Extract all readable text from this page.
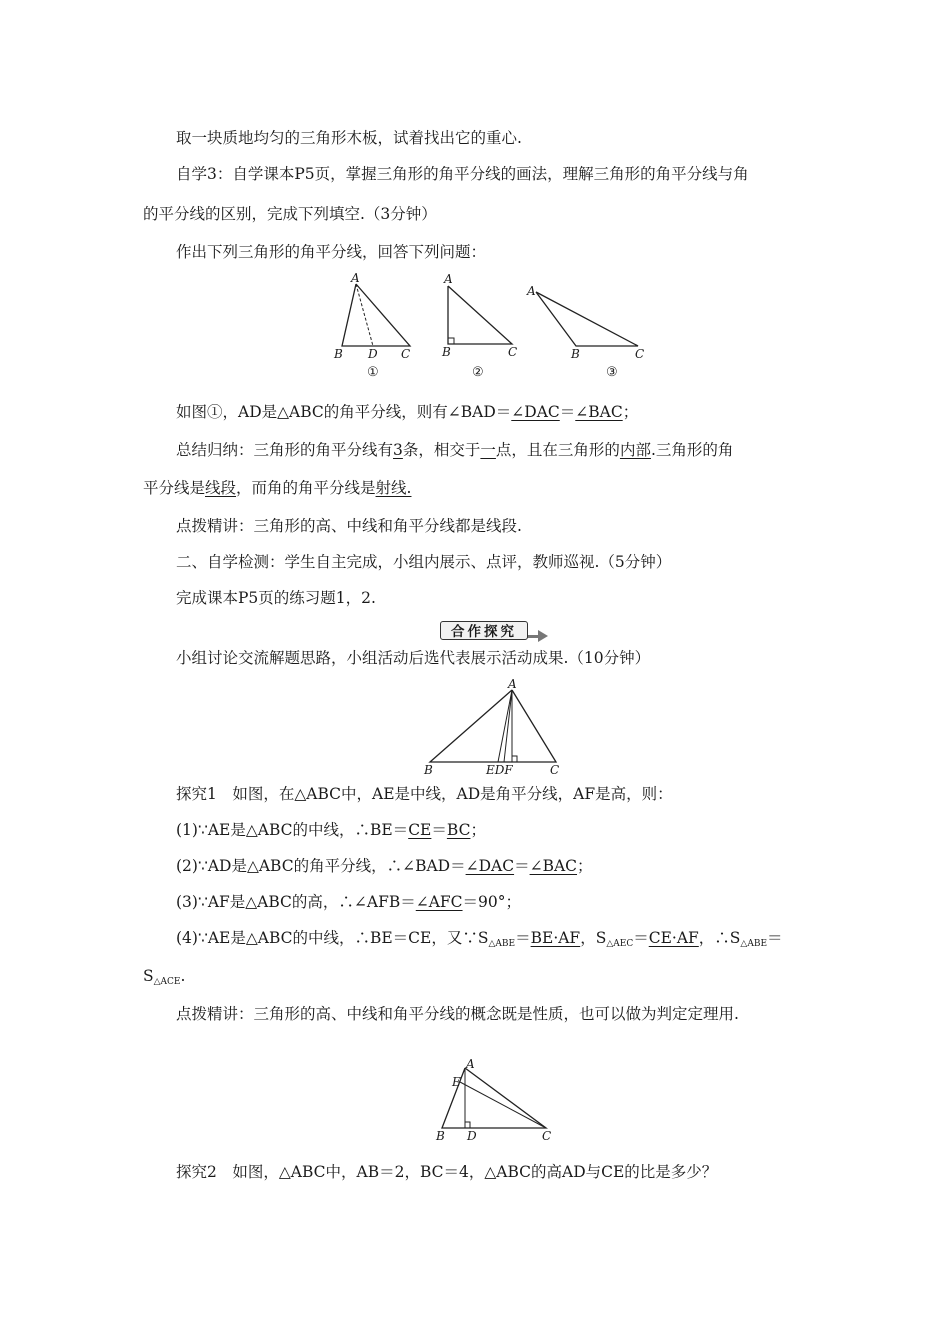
取一块质地均匀的三角形木板，试着找出它的重心.
自学3：自学课本P5页，掌握三角形的角平分线的画法，理解三角形的角平分线与角
的平分线的区别，完成下列填空.（3分钟）
作出下列三角形的角平分线，回答下列问题：
A
B D C
①
A
B	C
②
A
B	C
③
如图①，AD是△ABC的角平分线，则有∠BAD＝∠DAC＝∠BAC；
总结归纳：三角形的角平分线有3条，相交于一点，且在三角形的内部.三角形的角
平分线是线段，而角的角平分线是射线.
点拨精讲：三角形的高、中线和角平分线都是线段.
二、自学检测：学生自主完成，小组内展示、点评，教师巡视.（5分钟）
完成课本P5页的练习题1，2.
合作探究
小组讨论交流解题思路，小组活动后选代表展示活动成果.（10分钟）
A
B	EDF	C
探究1　如图，在△ABC中，AE是中线，AD是角平分线，AF是高，则：
(1)∵AE是△ABC的中线，∴BE＝CE＝BC；
(2)∵AD是△ABC的角平分线，∴∠BAD＝∠DAC＝∠BAC；
(3)∵AF是△ABC的高，∴∠AFB＝∠AFC＝90°；
(4)∵AE是△ABC的中线，∴BE＝CE，又$\because S_{\triangle ABE}=BE\cdot AF$，$S_{\triangle AEC}=CE\cdot AF$，$\therefore S_{\triangle ABE}=$
$S_{\triangle ACE}$.
点拨精讲：三角形的高、中线和角平分线的概念既是性质，也可以做为判定定理用.
A
E
B D	C
探究2　如图，△ABC中，AB＝2，BC＝4，△ABC的高AD与CE的比是多少？
